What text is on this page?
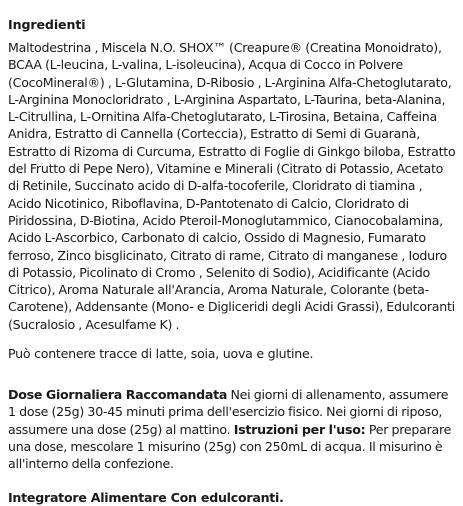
Ingredienti

Maltodestrina , Miscela N.O. SHOX™ (Creapure® (Creatina Monoidrato), BCAA (L-leucina, L-valina, L-isoleucina), Acqua di Cocco in Polvere (CocoMineral®) , L-Glutamina, D-Ribosio , L-Arginina Alfa-Chetoglutarato, L-Arginina Monocloridrato , L-Arginina Aspartato, L-Taurina, beta-Alanina, L-Citrullina, L-Ornitina Alfa-Chetoglutarato, L-Tirosina, Betaina, Caffeina Anidra, Estratto di Cannella (Corteccia), Estratto di Semi di Guaranà, Estratto di Rizoma di Curcuma, Estratto di Foglie di Ginkgo biloba, Estratto del Frutto di Pepe Nero), Vitamine e Minerali (Citrato di Potassio, Acetato di Retinile, Succinato acido di D-alfa-tocoferile, Cloridrato di tiamina , Acido Nicotinico, Riboflavina, D-Pantotenato di Calcio, Cloridrato di Piridossina, D-Biotina, Acido Pteroil-Monoglutammico, Cianocobalamina, Acido L-Ascorbico, Carbonato di calcio, Ossido di Magnesio, Fumarato ferroso, Zinco bisglicinato, Citrato di rame, Citrato di manganese , Ioduro di Potassio, Picolinato di Cromo , Selenito di Sodio), Acidificante (Acido Citrico), Aroma Naturale all'Arancia, Aroma Naturale, Colorante (beta-Carotene), Addensante (Mono- e Digliceridi degli Acidi Grassi), Edulcoranti (Sucralosio , Acesulfame K) .

Può contenere tracce di latte, soia, uova e glutine.

Dose Giornaliera Raccomandata Nei giorni di allenamento, assumere 1 dose (25g) 30-45 minuti prima dell'esercizio fisico. Nei giorni di riposo, assumere una dose (25g) al mattino. Istruzioni per l'uso: Per preparare una dose, mescolare 1 misurino (25g) con 250mL di acqua. Il misurino è all'interno della confezione.

Integratore Alimentare Con edulcoranti.
